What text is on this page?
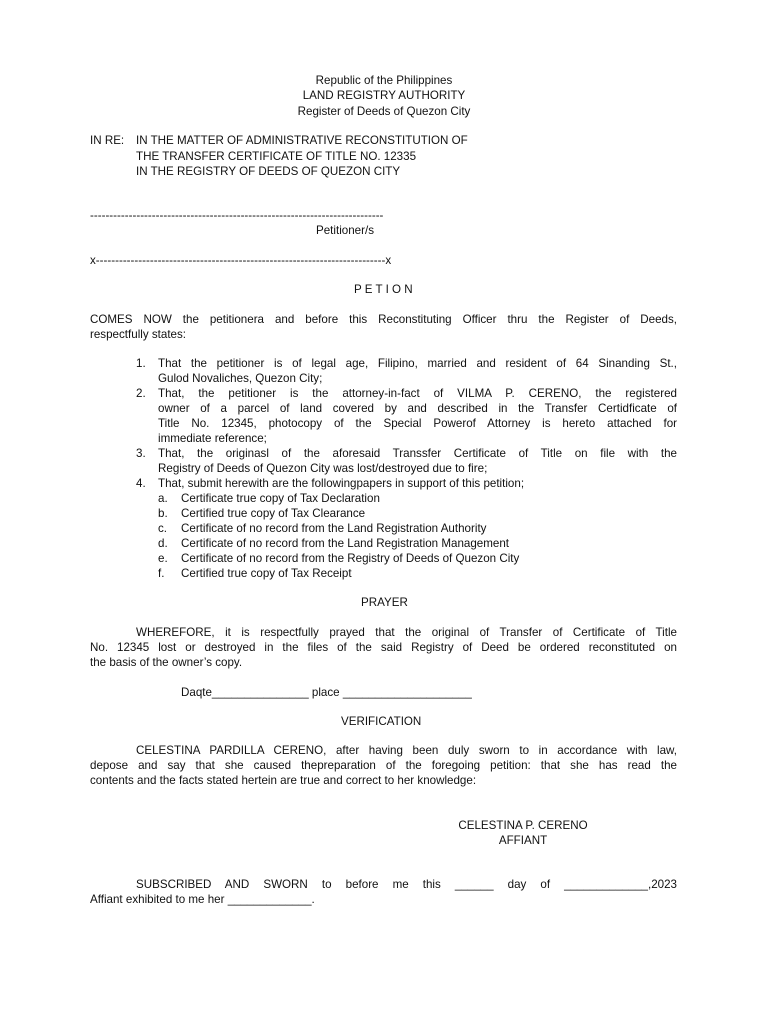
Republic of the Philippines
LAND REGISTRY AUTHORITY
Register of Deeds of Quezon City
IN RE: IN THE MATTER OF ADMINISTRATIVE RECONSTITUTION OF
THE TRANSFER CERTIFICATE OF TITLE NO. 12335
IN THE REGISTRY OF DEEDS OF QUEZON CITY
----------------------------------------------------------------------------
Petitioner/s
x---------------------------------------------------------------------------x
P E T I O N
COMES NOW the petitionera and before this Reconstituting Officer thru the Register of Deeds,
respectfully states:
1. That the petitioner is of legal age, Filipino, married and resident of 64 Sinanding St.,
Gulod Novaliches, Quezon City;
2. That, the petitioner is the attorney-in-fact of VILMA P. CERENO, the registered
owner of a parcel of land covered by and described in the Transfer Certidficate of
Title No. 12345, photocopy of the Special Powerof Attorney is hereto attached for
immediate reference;
3. That, the originasl of the aforesaid Transsfer Certificate of Title on file with the
Registry of Deeds of Quezon City was lost/destroyed due to fire;
4. That, submit herewith are the followingpapers in support of this petition;
a. Certificate true copy of Tax Declaration
b. Certified true copy of Tax Clearance
c. Certificate of no record from the Land Registration Authority
d. Certificate of no record from the Land Registration Management
e. Certificate of no record from the Registry of Deeds of Quezon City
f. Certified true copy of Tax Receipt
PRAYER
WHEREFORE, it is respectfully prayed that the original of Transfer of Certificate of Title
No. 12345 lost or destroyed in the files of the said Registry of Deed be ordered reconstituted on
the basis of the owner’s copy.
Daqte_______________ place ____________________
VERIFICATION
CELESTINA PARDILLA CERENO, after having been duly sworn to in accordance with law,
depose and say that she caused thepreparation of the foregoing petition: that she has read the
contents and the facts stated hertein are true and correct to her knowledge:
CELESTINA P. CERENO
AFFIANT
SUBSCRIBED AND SWORN to before me this ______ day of _____________,2023
Affiant exhibited to me her _____________.
